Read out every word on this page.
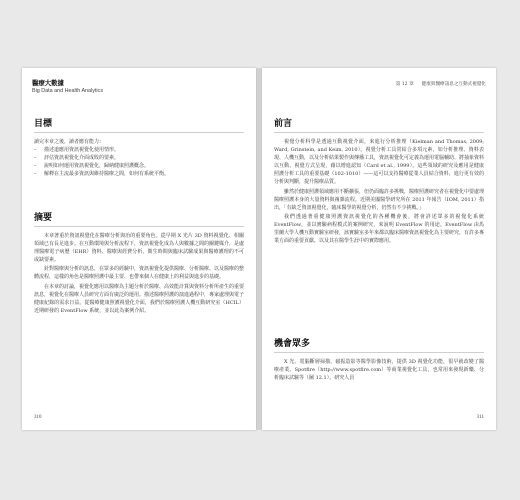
醫療大數據
Big Data and Health Analytics
目標

讀完本章之後，讀者應有能力：

–	描述道應用資訊視覺化使用情形。
–	評估資訊視覺化介面成敗的要素。
–	說明如何運用資訊視覺化，歸納健康照護概念。
–	解釋在主流最多資訊與維持醫療之間，如何有系統平衡。
摘要

本章著重於資訊視覺化在醫療分析與治的重要角色。從早期 X 光片 3D 資料視覺化、相關領域已有長足進步。在互動環境與分析流程下，資訊視覺化成為人與數據之間的關鍵媒介，是處理醫療電子病歷（EHR）資料、醫療與經費分析、衛生時間與臨床試驗成果與醫療護理的不可或缺要素。

針對醫療與分析的訊息，在眾多的經驗中，資訊視覺化提供醫療、分析醫療、以及醫療的整體流程，這樣的角色是醫療照護中最主要、也帶來個人在健康上的利益與進步的基礎。

在本章的討論，視覺化應用以醫療為主題分析於醫療、高效能計算與資料分析所產生的重要訊息，視覺化在醫療人員研究方面有廣泛的運用。描述醫療照護的演進過程中，專家處理與電子健康紀錄的需求日益。從醫療健康照護視覺化介面，我們於醫療照護人機互動研究室（HCIL）近期研發的 EventFlow 系統，並以此為案例介紹。

310
第 12 章 健康與醫療訊息之互動式視覺化
前言

視覺分析科學是透過互動視覺介面，來進行分析推理（Kielman and Thomas, 2009; Ward, Grinstein, and Keim, 2010）。視覺分析工具常結合多項元素，如分析推理、資料表現、人機互動，以及分析結果製作與傳播工具，資訊視覺化可定義為運用電腦輔助、將抽象資料以互動、視覺方式呈現，藉以增進認知（Card et al., 1999）。這些領域的研究及應用是健康照護分析工具的重要基礎（102-1010）——這可以支持醫療從業人員結合資料，進行更有效的分析與判斷，提升醫療品質。

雖然於健康照護領域應用不斷擴張，但仍面臨許多挑戰，醫療照護研究者在視覺化中要處理醫療照護本身的大量資料與複雜流程。近期美國醫學研究所在 2011 年報告（IOM, 2011）指出，「有缺乏資訊視覺化，臨床醫學的視覺分析，仍然有不少挑戰。」

我們透過著重健康照護資訊視覺化的各種機會後，將會詳述眾多的視覺化系統 EventFlow，並以實驗病程模式的案例研究，來說明 EventFlow 的用途。EventFlow 由馬里蘭大學人機互動實驗室研發，該實驗室多年來都以臨床醫療資訊視覺化為主要研究，有許多專業方面的重要貢獻，以及其在醫學生涯中的實際應用。

機會眾多

X 光、電腦斷層掃描、磁振造影等醫學影像技術，提供 3D 視覺化功能，很早就改變了醫療產業。Spotfire（http://www.spotfire.com）等商業視覺化工具，也常用來發現新藥、分析臨床試驗等（圖 12.1）。研究人員

311
